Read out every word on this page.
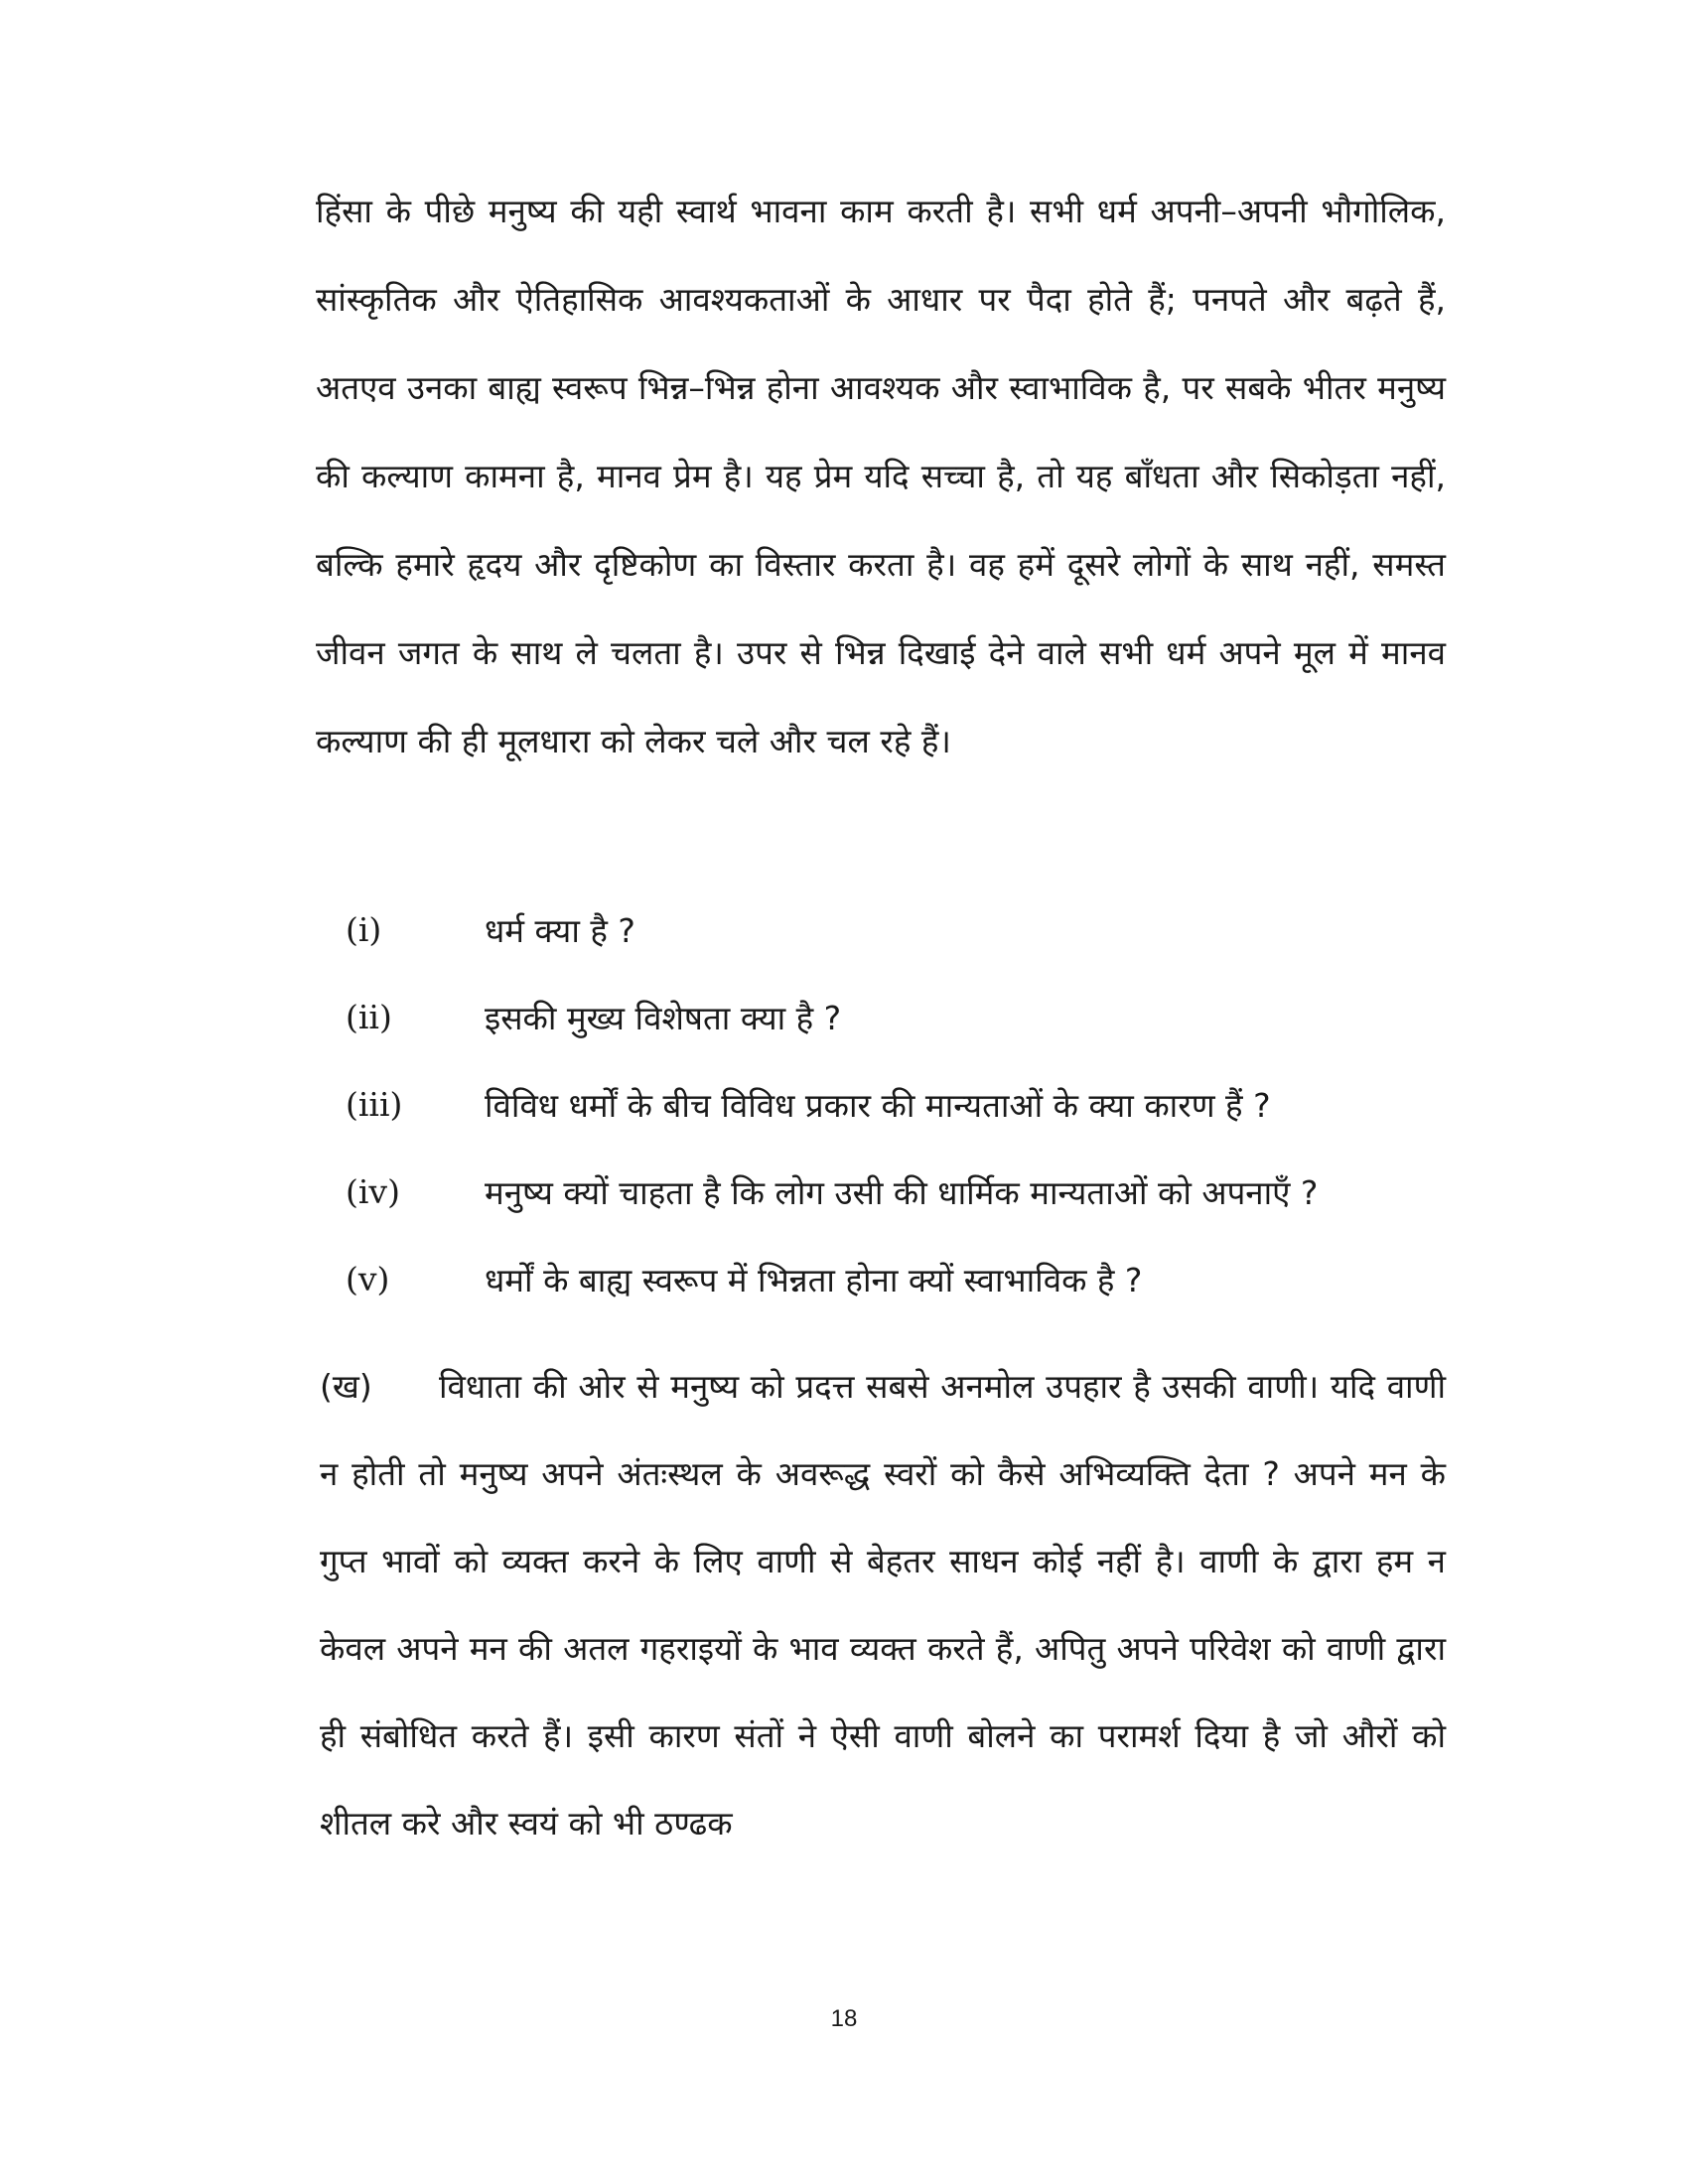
हिंसा के पीछे मनुष्य की यही स्वार्थ भावना काम करती है। सभी धर्म अपनी–अपनी भौगोलिक, सांस्कृतिक और ऐतिहासिक आवश्यकताओं के आधार पर पैदा होते हैं; पनपते और बढ़ते हैं, अतएव उनका बाह्य स्वरूप भिन्न–भिन्न होना आवश्यक और स्वाभाविक है, पर सबके भीतर मनुष्य की कल्याण कामना है, मानव प्रेम है। यह प्रेम यदि सच्चा है, तो यह बाँधता और सिकोड़ता नहीं, बल्कि हमारे हृदय और दृष्टिकोण का विस्तार करता है। वह हमें दूसरे लोगों के साथ नहीं, समस्त जीवन जगत के साथ ले चलता है। उपर से भिन्न दिखाई देने वाले सभी धर्म अपने मूल में मानव कल्याण की ही मूलधारा को लेकर चले और चल रहे हैं।

(i)	धर्म क्या है ?
(ii)	इसकी मुख्य विशेषता क्या है ?
(iii)	विविध धर्मों के बीच विविध प्रकार की मान्यताओं के क्या कारण हैं ?
(iv)	मनुष्य क्यों चाहता है कि लोग उसी की धार्मिक मान्यताओं को अपनाएँ ?
(v)	धर्मों के बाह्य स्वरूप में भिन्नता होना क्यों स्वाभाविक है ?

(ख) विधाता की ओर से मनुष्य को प्रदत्त सबसे अनमोल उपहार है उसकी वाणी। यदि वाणी न होती तो मनुष्य अपने अंतःस्थल के अवरूद्ध स्वरों को कैसे अभिव्यक्ति देता ? अपने मन के गुप्त भावों को व्यक्त करने के लिए वाणी से बेहतर साधन कोई नहीं है। वाणी के द्वारा हम न केवल अपने मन की अतल गहराइयों के भाव व्यक्त करते हैं, अपितु अपने परिवेश को वाणी द्वारा ही संबोधित करते हैं। इसी कारण संतों ने ऐसी वाणी बोलने का परामर्श दिया है जो औरों को शीतल करे और स्वयं को भी ठण्ढक

18
